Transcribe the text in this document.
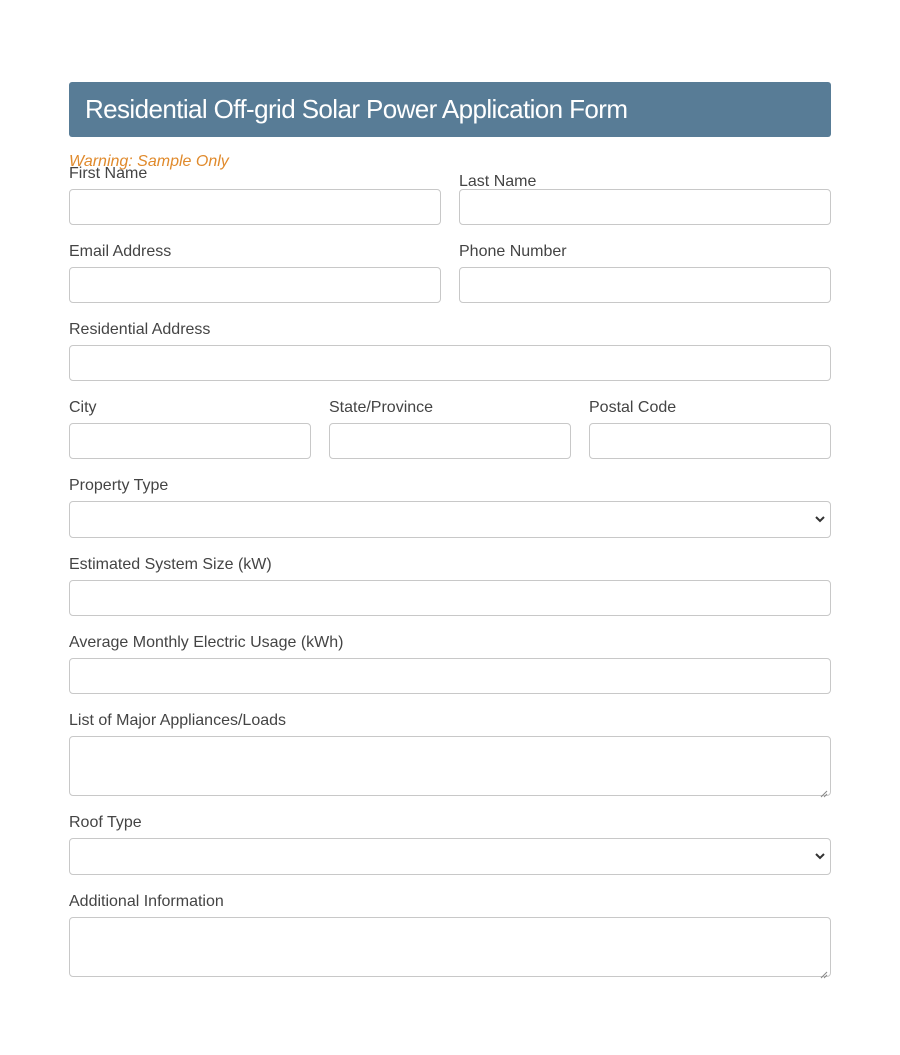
Residential Off-grid Solar Power Application Form
Warning: Sample Only
First Name	Last Name
Email Address	Phone Number
Residential Address
City	State/Province	Postal Code
Property Type
Estimated System Size (kW)
Average Monthly Electric Usage (kWh)
List of Major Appliances/Loads
Roof Type
Additional Information
